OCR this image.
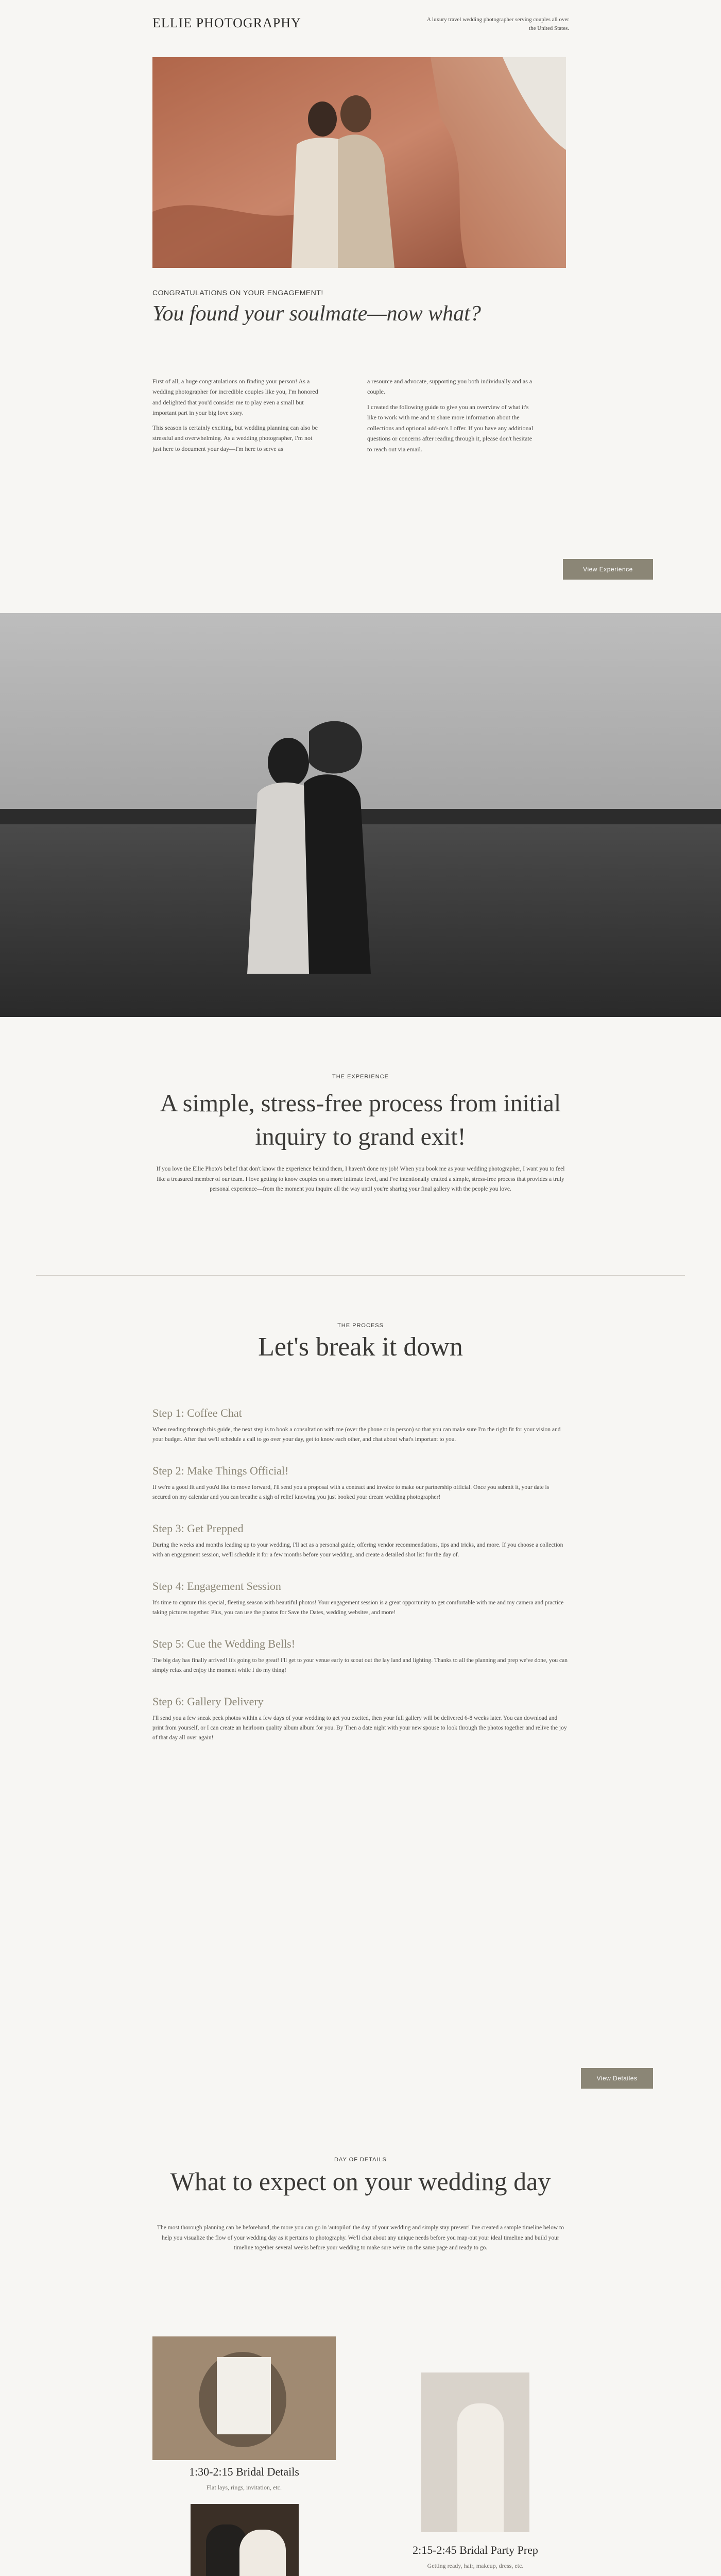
ELLIE PHOTOGRAPHY	A luxury travel wedding photographer serving couples all over the United States.
CONGRATULATIONS ON YOUR ENGAGEMENT!
You found your soulmate—now what?
First of all, a huge congratulations on finding your person! As a wedding photographer for incredible couples like you, I'm honored and delighted that you'd consider me to play even a small but important part in your big love story.
This season is certainly exciting, but wedding planning can also be stressful and overwhelming. As a wedding photographer, I'm not just here to document your day—I'm here to serve as
a resource and advocate, supporting you both individually and as a couple.
I created the following guide to give you an overview of what it's like to work with me and to share more information about the collections and optional add-on's I offer. If you have any additional questions or concerns after reading through it, please don't hesitate to reach out via email.
View Experience
THE EXPERIENCE
A simple, stress-free process from initial inquiry to grand exit!
If you love the Ellie Photo's belief that don't know the experience behind them, I haven't done my job! When you book me as your wedding photographer, I want you to feel like a treasured member of our team. I love getting to know couples on a more intimate level, and I've intentionally crafted a simple, stress-free process that provides a truly personal experience—from the moment you inquire all the way until you're sharing your final gallery with the people you love.
THE PROCESS
Let's break it down
Step 1: Coffee Chat
When reading through this guide, the next step is to book a consultation with me (over the phone or in person) so that you can make sure I'm the right fit for your vision and your budget. After that we'll schedule a call to go over your day, get to know each other, and chat about what's important to you.
Step 2: Make Things Official!
If we're a good fit and you'd like to move forward, I'll send you a proposal with a contract and invoice to make our partnership official. Once you submit it, your date is secured on my calendar and you can breathe a sigh of relief knowing you just booked your dream wedding photographer!
Step 3: Get Prepped
During the weeks and months leading up to your wedding, I'll act as a personal guide, offering vendor recommendations, tips and tricks, and more. If you choose a collection with an engagement session, we'll schedule it for a few months before your wedding, and create a detailed shot list for the day of.
Step 4: Engagement Session
It's time to capture this special, fleeting season with beautiful photos! Your engagement session is a great opportunity to get comfortable with me and my camera and practice taking pictures together. Plus, you can use the photos for Save the Dates, wedding websites, and more!
Step 5: Cue the Wedding Bells!
The big day has finally arrived! It's going to be great! I'll get to your venue early to scout out the lay land and lighting. Thanks to all the planning and prep we've done, you can simply relax and enjoy the moment while I do my thing!
Step 6: Gallery Delivery
I'll send you a few sneak peek photos within a few days of your wedding to get you excited, then your full gallery will be delivered 6-8 weeks later. You can download and print from yourself, or I can create an heirloom quality album album for you. By Then a date night with your new spouse to look through the photos together and relive the joy of that day all over again!
View Detailes
DAY OF DETAILS
What to expect on your wedding day
The most thorough planning can be beforehand, the more you can go in 'autopilot' the day of your wedding and simply stay present! I've created a sample timeline below to help you visualize the flow of your wedding day as it pertains to photography. We'll chat about any unique needs before you map-out your ideal timeline and build your timeline together several weeks before your wedding to make sure we're on the same page and ready to go.
1:30-2:15 Bridal Details
Flat lays, rings, invitation, etc.
2:15-2:45 Bridal Party Prep
Getting ready, hair, makeup, dress, etc.
